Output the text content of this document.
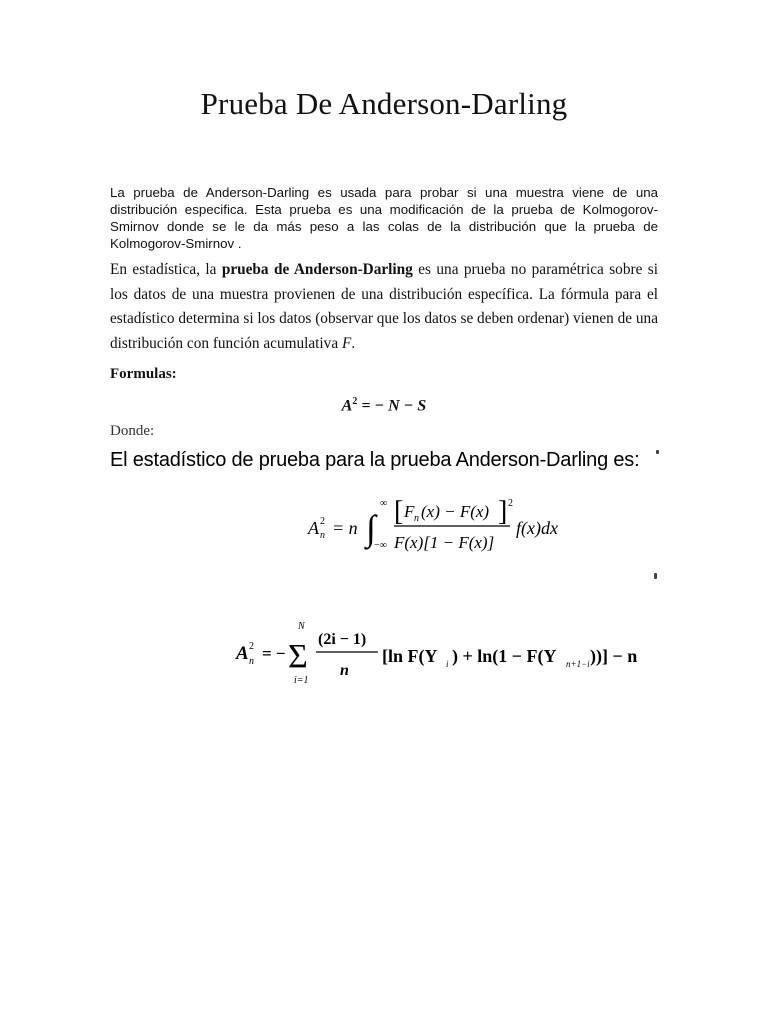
Prueba De Anderson-Darling

La prueba de Anderson-Darling es usada para probar si una muestra viene de una distribución especifica. Esta prueba es una modificación de la prueba de Kolmogorov-Smirnov donde se le da más peso a las colas de la distribución que la prueba de Kolmogorov-Smirnov .

En estadística, la prueba de Anderson-Darling es una prueba no paramétrica sobre si los datos de una muestra provienen de una distribución específica. La fórmula para el estadístico determina si los datos (observar que los datos se deben ordenar) vienen de una distribución con función acumulativa F.

Formulas:

$A^2$ = − N − S

Donde:

El estadístico de prueba para la prueba Anderson-Darling es:

A n
2 = n ∫
∞
−∞
[ F n (x) − F(x) ] 2
F(x)[1 − F(x)]
f(x)dx
A n
2 = − Σ
N
i=1
(2i − 1)
n
[ln F(Y i ) + ln(1 − F(Y n+1−i ))] − n
